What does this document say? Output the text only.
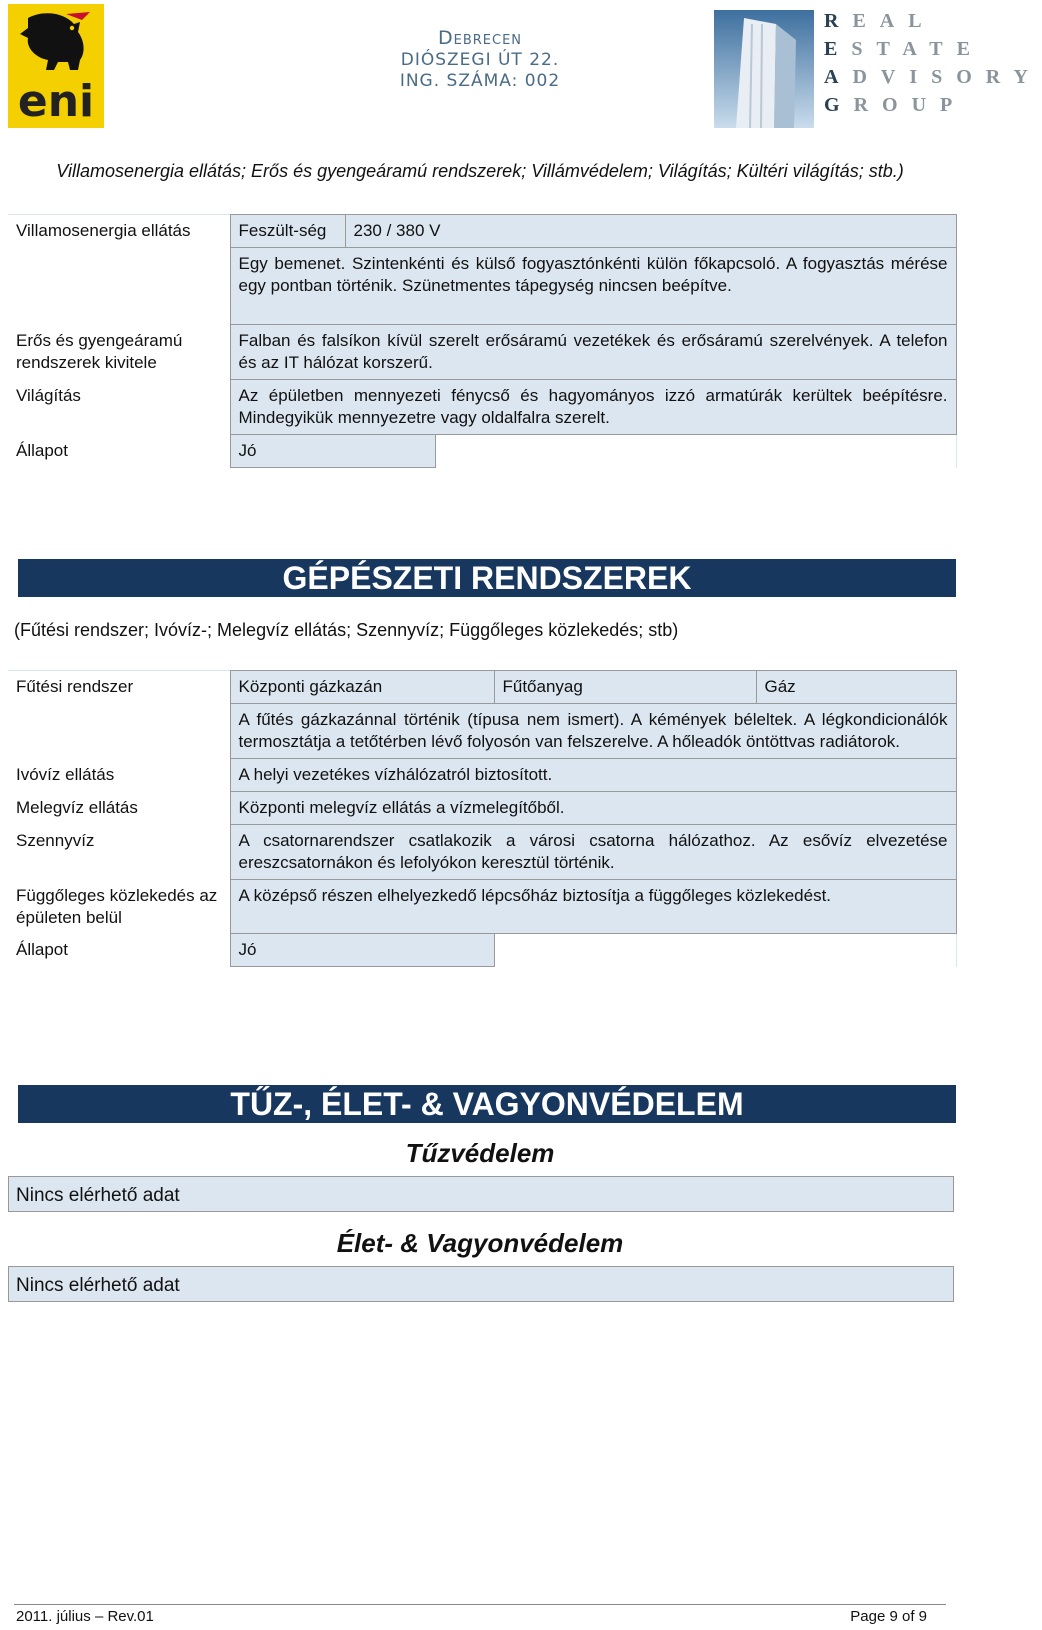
eni
Debrecen
DIÓSZEGI ÚT 22.
ING. SZÁMA: 002
REAL
ESTATE
ADVISORY
GROUP
Villamosenergia ellátás; Erős és gyengeáramú rendszerek; Villámvédelem; Világítás; Kültéri világítás; stb.)
Villamosenergia ellátás	Feszült-ség	230 / 380 V	
	Egy bemenet. Szintenkénti és külső fogyasztónkénti külön főkapcsoló. A fogyasztás mérése egy pontban történik. Szünetmentes tápegység nincsen beépítve.		
Erős és gyengeáramú rendszerek kivitele	Falban és falsíkon kívül szerelt erősáramú vezetékek és erősáramú szerelvények. A telefon és az IT hálózat korszerű.		
Világítás	Az épületben mennyezeti fénycső és hagyományos izzó armatúrák kerültek beépítésre. Mindegyikük mennyezetre vagy oldalfalra szerelt.		
Állapot	Jó		
GÉPÉSZETI RENDSZEREK
(Fűtési rendszer; Ivóvíz-; Melegvíz ellátás; Szennyvíz; Függőleges közlekedés; stb)
Fűtési rendszer	Központi gázkazán	Fűtőanyag	Gáz
	A fűtés gázkazánnal történik (típusa nem ismert). A kémények béleltek. A légkondicionálók termosztátja a tetőtérben lévő folyosón van felszerelve. A hőleadók öntöttvas radiátorok.		
Ivóvíz ellátás	A helyi vezetékes vízhálózatról biztosított.		
Melegvíz ellátás	Központi melegvíz ellátás a vízmelegítőből.		
Szennyvíz	A csatornarendszer csatlakozik a városi csatorna hálózathoz. Az esővíz elvezetése ereszcsatornákon és lefolyókon keresztül történik.		
Függőleges közlekedés az épületen belül	A középső részen elhelyezkedő lépcsőház biztosítja a függőleges közlekedést.		
Állapot	Jó		
TŰZ-, ÉLET- & VAGYONVÉDELEM
Tűzvédelem
Nincs elérhető adat
Élet- & Vagyonvédelem
Nincs elérhető adat
2011. július – Rev.01	Page 9 of 9
